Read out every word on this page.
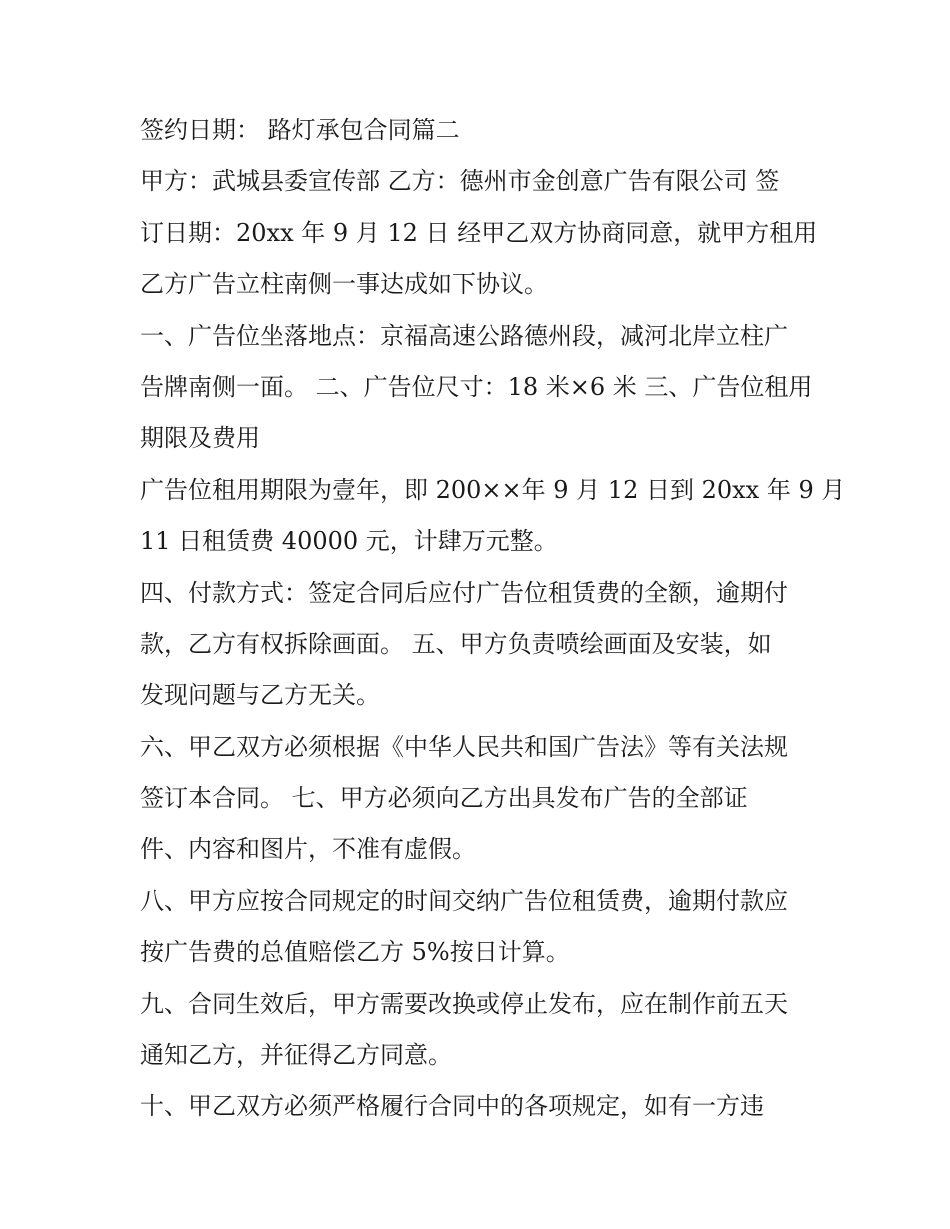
签约日期： 路灯承包合同篇二
甲方：武城县委宣传部 乙方：德州市金创意广告有限公司 签
订日期：20xx 年 9 月 12 日 经甲乙双方协商同意，就甲方租用
乙方广告立柱南侧一事达成如下协议。
一、广告位坐落地点：京福高速公路德州段，减河北岸立柱广
告牌南侧一面。 二、广告位尺寸：18 米×6 米 三、广告位租用
期限及费用
广告位租用期限为壹年，即 200××年 9 月 12 日到 20xx 年 9 月
11 日租赁费 40000 元，计肆万元整。
四、付款方式：签定合同后应付广告位租赁费的全额，逾期付
款，乙方有权拆除画面。 五、甲方负责喷绘画面及安装，如
发现问题与乙方无关。
六、甲乙双方必须根据《中华人民共和国广告法》等有关法规
签订本合同。 七、甲方必须向乙方出具发布广告的全部证
件、内容和图片，不准有虚假。
八、甲方应按合同规定的时间交纳广告位租赁费，逾期付款应
按广告费的总值赔偿乙方 5%按日计算。
九、合同生效后，甲方需要改换或停止发布，应在制作前五天
通知乙方，并征得乙方同意。
十、甲乙双方必须严格履行合同中的各项规定，如有一方违
